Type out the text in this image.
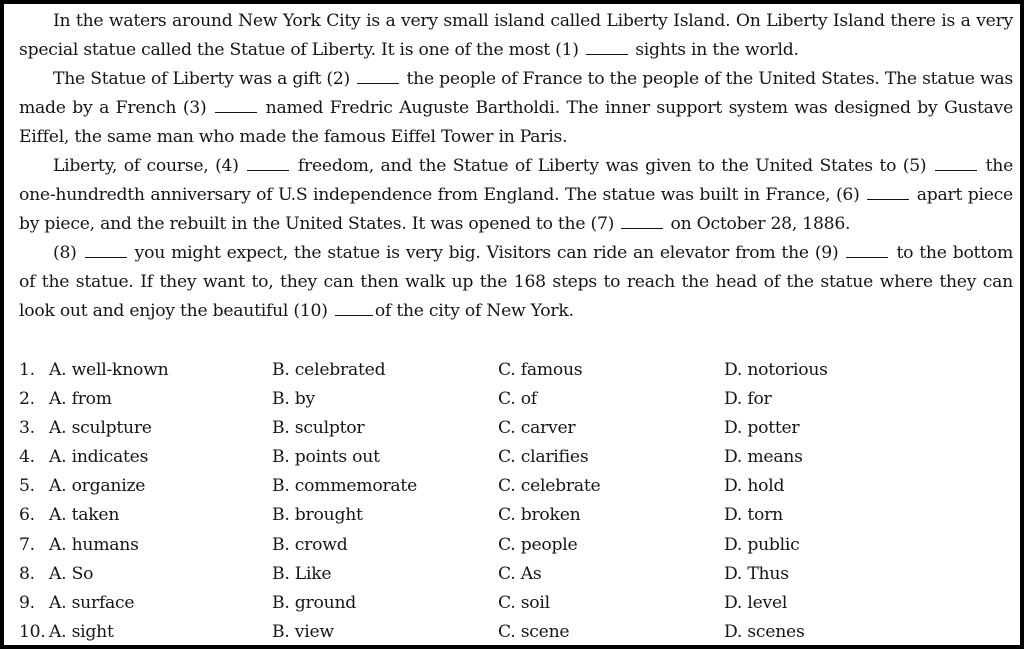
In the waters around New York City is a very small island called Liberty Island. On Liberty Island there is a very special statue called the Statue of Liberty. It is one of the most (1)	sights in the world.

The Statue of Liberty was a gift (2)	the people of France to the people of the United States. The statue was made by a French (3)	named Fredric Auguste Bartholdi. The inner support system was designed by Gustave Eiffel, the same man who made the famous Eiffel Tower in Paris.

Liberty, of course, (4)	freedom, and the Statue of Liberty was given to the United States to (5)	the one-hundredth anniversary of U.S independence from England. The statue was built in France, (6)	apart piece by piece, and the rebuilt in the United States. It was opened to the (7)	on October 28, 1886.

(8)	you might expect, the statue is very big. Visitors can ride an elevator from the (9)	to the bottom of the statue. If they want to, they can then walk up the 168 steps to reach the head of the statue where they can look out and enjoy the beautiful (10)	of the city of New York.

1. A. well-known	B. celebrated	C. famous	D. notorious
2. A. from	B. by	C. of	D. for
3. A. sculpture	B. sculptor	C. carver	D. potter
4. A. indicates	B. points out	C. clarifies	D. means
5. A. organize	B. commemorate	C. celebrate	D. hold
6. A. taken	B. brought	C. broken	D. torn
7. A. humans	B. crowd	C. people	D. public
8. A. So	B. Like	C. As	D. Thus
9. A. surface	B. ground	C. soil	D. level
10. A. sight	B. view	C. scene	D. scenes
